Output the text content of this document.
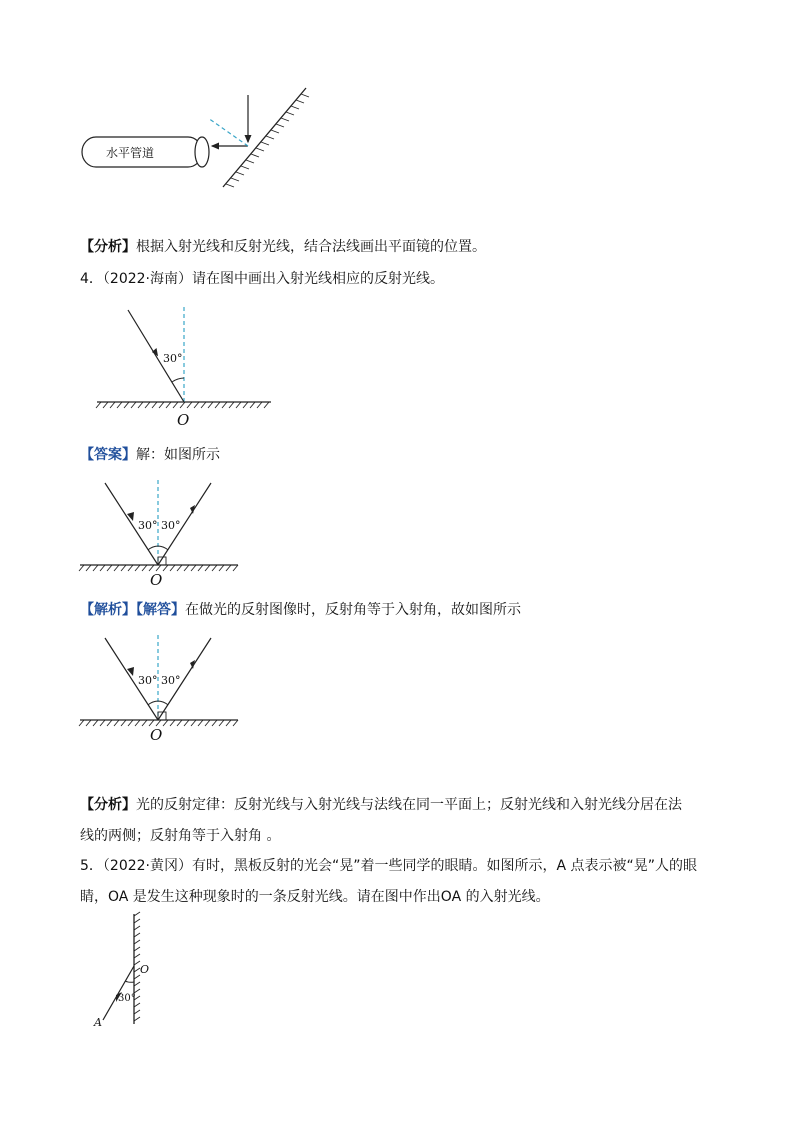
水平管道
【分析】根据入射光线和反射光线，结合法线画出平面镜的位置。
4．（2022·海南）请在图中画出入射光线相应的反射光线。
30°
O
【答案】解：如图所示
30° 30°
O
【解析】【解答】在做光的反射图像时，反射角等于入射角，故如图所示
30° 30°
O
【分析】光的反射定律：反射光线与入射光线与法线在同一平面上；反射光线和入射光线分居在法
线的两侧；反射角等于入射角 。
5．（2022·黄冈）有时，黑板反射的光会“晃”着一些同学的眼睛。如图所示，A 点表示被“晃”人的眼
睛，OA 是发生这种现象时的一条反射光线。请在图中作出OA 的入射光线。
O
30°
A
